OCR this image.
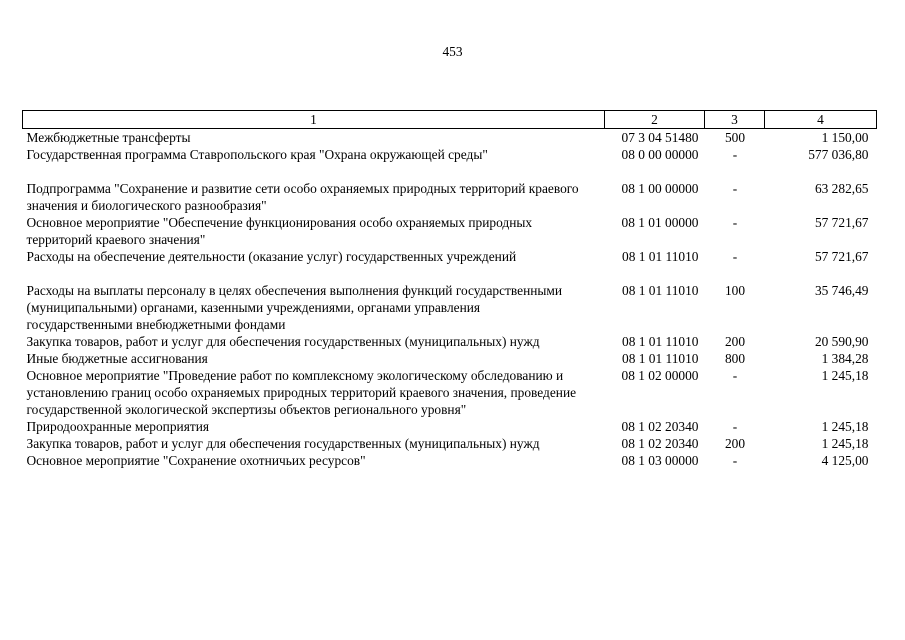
453
1	2	3	4
Межбюджетные трансферты	07 3 04 51480	500	1 150,00
Государственная программа Ставропольского края "Охрана окружающей среды"	08 0 00 00000	-	577 036,80

Подпрограмма "Сохранение и развитие сети особо охраняемых природных территорий краевого значения и биологического разнообразия"	08 1 00 00000	-	63 282,65
Основное мероприятие "Обеспечение функционирования особо охраняемых природных территорий краевого значения"	08 1 01 00000	-	57 721,67
Расходы на обеспечение деятельности (оказание услуг) государственных учреждений	08 1 01 11010	-	57 721,67

Расходы на выплаты персоналу в целях обеспечения выполнения функций государственными (муниципальными) органами, казенными учреждениями, органами управления государственными внебюджетными фондами	08 1 01 11010	100	35 746,49
Закупка товаров, работ и услуг для обеспечения государственных (муниципальных) нужд	08 1 01 11010	200	20 590,90
Иные бюджетные ассигнования	08 1 01 11010	800	1 384,28
Основное мероприятие "Проведение работ по комплексному экологическому обследованию и установлению границ особо охраняемых природных территорий краевого значения, проведение государственной экологической экспертизы объектов регионального уровня"	08 1 02 00000	-	1 245,18
Природоохранные мероприятия	08 1 02 20340	-	1 245,18
Закупка товаров, работ и услуг для обеспечения государственных (муниципальных) нужд	08 1 02 20340	200	1 245,18
Основное мероприятие "Сохранение охотничьих ресурсов"	08 1 03 00000	-	4 125,00
